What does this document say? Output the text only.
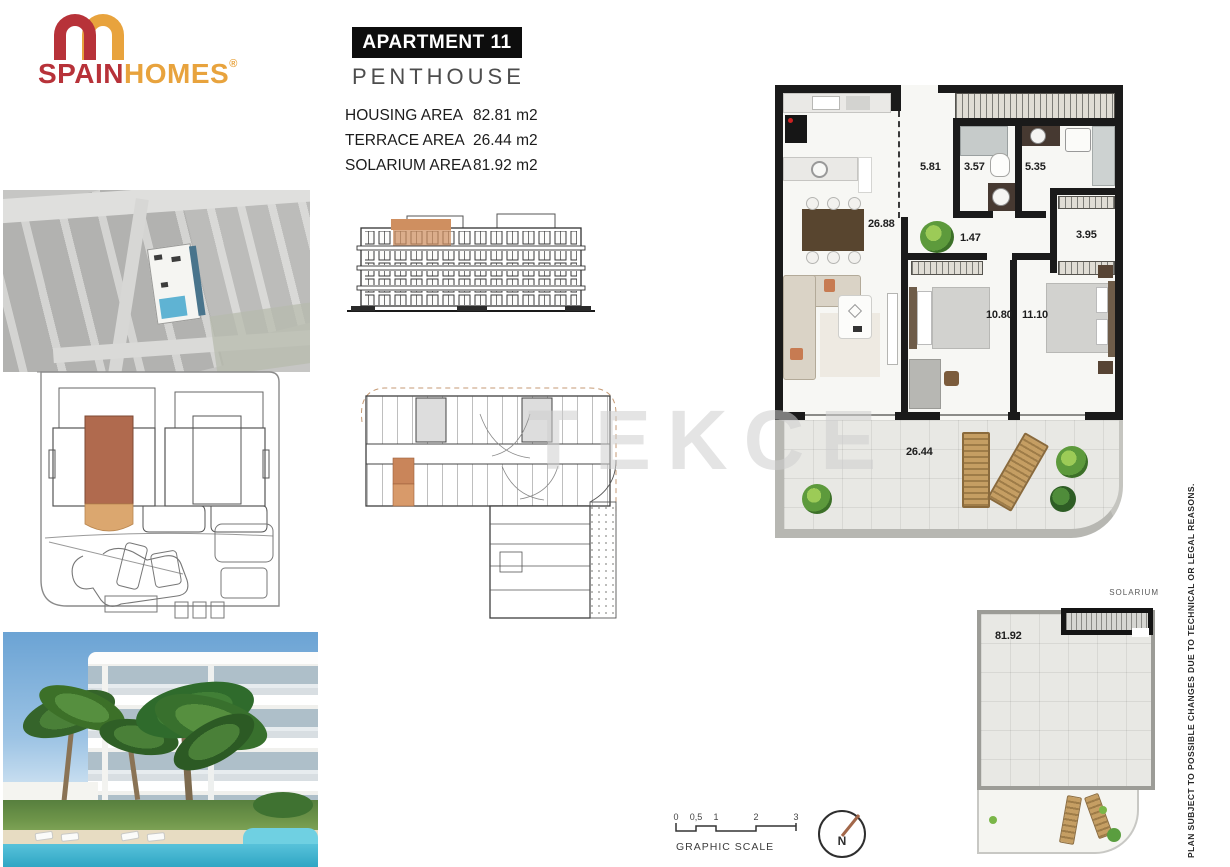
SPAINHOMES®
APARTMENT 11
PENTHOUSE
HOUSING AREA 82.81 m2
TERRACE AREA 26.44 m2
SOLARIUM AREA 81.92 m2
TEKCE	26.44
5.81 3.57	5.35
26.88
1.47	3.95
10.80 11.10
SOLARIUM
81.92
0 0,5 1	2	3
GRAPHIC SCALE	N	PLAN SUBJECT TO POSSIBLE CHANGES DUE TO TECHNICAL OR LEGAL REASONS.
